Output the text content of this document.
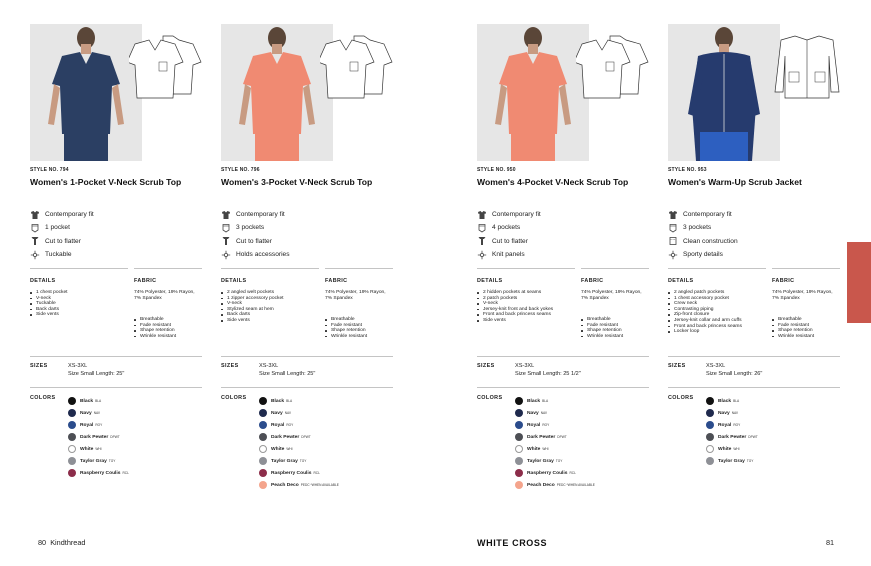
STYLE NO. 794
Women's 1-Pocket V-Neck Scrub Top
Contemporary fit
1 pocket
Cut to flatter
Tuckable
DETAILS	FABRIC
1 chest pocket
V-neck
Tuckable
Back darts
Side vents
74% Polyester, 19% Rayon, 7% Spandex
Breathable
Fade resistant
Shape retention
Wrinkle resistant
SIZES	XS-3XL
Size Small Length: 25"
COLORS	Black BLA
Navy NAV
Royal ROY
Dark Pewter DPWT
White WHI
Taylor Gray TGY
Raspberry Coulis RCL
STYLE NO. 796
Women's 3-Pocket V-Neck Scrub Top
Contemporary fit
3 pockets
Cut to flatter
Holds accessories
DETAILS	FABRIC
2 angled welt pockets
1 zipper accessory pocket
V-neck
Stylized seam at hem
Back darts
Side vents
74% Polyester, 19% Rayon, 7% Spandex
Breathable
Fade resistant
Shape retention
Wrinkle resistant
SIZES	XS-3XL
Size Small Length: 25"
COLORS	Black BLA
Navy NAV
Royal ROY
Dark Pewter DPWT
White WHI
Taylor Gray TGY
Raspberry Coulis RCL
Peach Deco PEDC *WHEN AVAILABLE
STYLE NO. 950
Women's 4-Pocket V-Neck Scrub Top
Contemporary fit
4 pockets
Cut to flatter
Knit panels
DETAILS	FABRIC
2 hidden pockets at seams
2 patch pockets
V-neck
Jersey-knit front and back yokes
Front and back princess seams
Side vents
74% Polyester, 19% Rayon, 7% Spandex
Breathable
Fade resistant
Shape retention
Wrinkle resistant
SIZES	XS-3XL
Size Small Length: 25 1/2"
COLORS	Black BLA
Navy NAV
Royal ROY
Dark Pewter DPWT
White WHI
Taylor Gray TGY
Raspberry Coulis RCL
Peach Deco PEDC *WHEN AVAILABLE
STYLE NO. 953
Women's Warm-Up Scrub Jacket
Contemporary fit
3 pockets
Clean construction
Sporty details
DETAILS	FABRIC
2 angled patch pockets
1 chest accessory pocket
Crew neck
Contrasting piping
Zip-front closure
Jersey-knit collar and arm cuffs
Front and back princess seams
Locker loop
74% Polyester, 19% Rayon, 7% Spandex
Breathable
Fade resistant
Shape retention
Wrinkle resistant
SIZES	XS-3XL
Size Small Length: 26"
COLORS	Black BLA
Navy NAV
Royal ROY
Dark Pewter DPWT
White WHI
Taylor Gray TGY
80 Kindthread	WHITE CROSS	81
